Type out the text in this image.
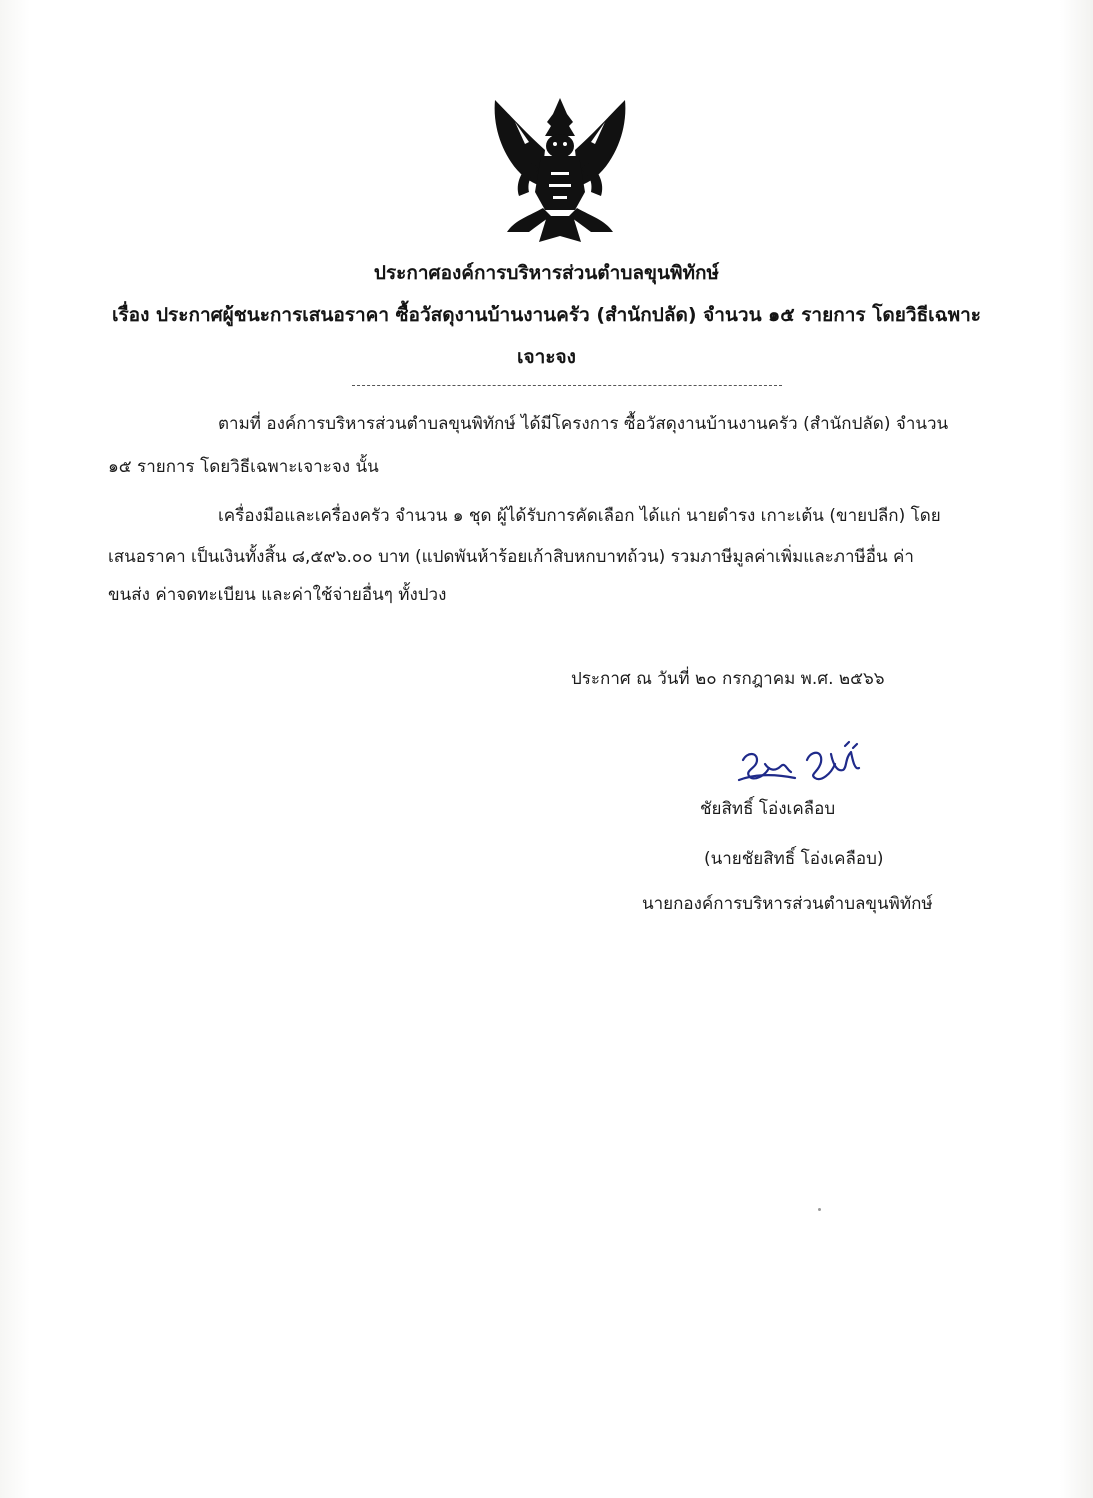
ประกาศองค์การบริหารส่วนตำบลขุนพิทักษ์
เรื่อง ประกาศผู้ชนะการเสนอราคา ซื้อวัสดุงานบ้านงานครัว (สำนักปลัด) จำนวน ๑๕ รายการ โดยวิธีเฉพาะ
เจาะจง
ตามที่ องค์การบริหารส่วนตำบลขุนพิทักษ์ ได้มีโครงการ ซื้อวัสดุงานบ้านงานครัว (สำนักปลัด) จำนวน
๑๕ รายการ โดยวิธีเฉพาะเจาะจง นั้น
เครื่องมือและเครื่องครัว จำนวน ๑ ชุด ผู้ได้รับการคัดเลือก ได้แก่ นายดำรง เกาะเต้น (ขายปลีก) โดย
เสนอราคา เป็นเงินทั้งสิ้น ๘,๕๙๖.๐๐ บาท (แปดพันห้าร้อยเก้าสิบหกบาทถ้วน) รวมภาษีมูลค่าเพิ่มและภาษีอื่น ค่า
ขนส่ง ค่าจดทะเบียน และค่าใช้จ่ายอื่นๆ ทั้งปวง
ประกาศ ณ วันที่ ๒๐ กรกฎาคม พ.ศ. ๒๕๖๖
ชัยสิทธิ์ โอ่งเคลือบ
(นายชัยสิทธิ์ โอ่งเคลือบ)
นายกองค์การบริหารส่วนตำบลขุนพิทักษ์
